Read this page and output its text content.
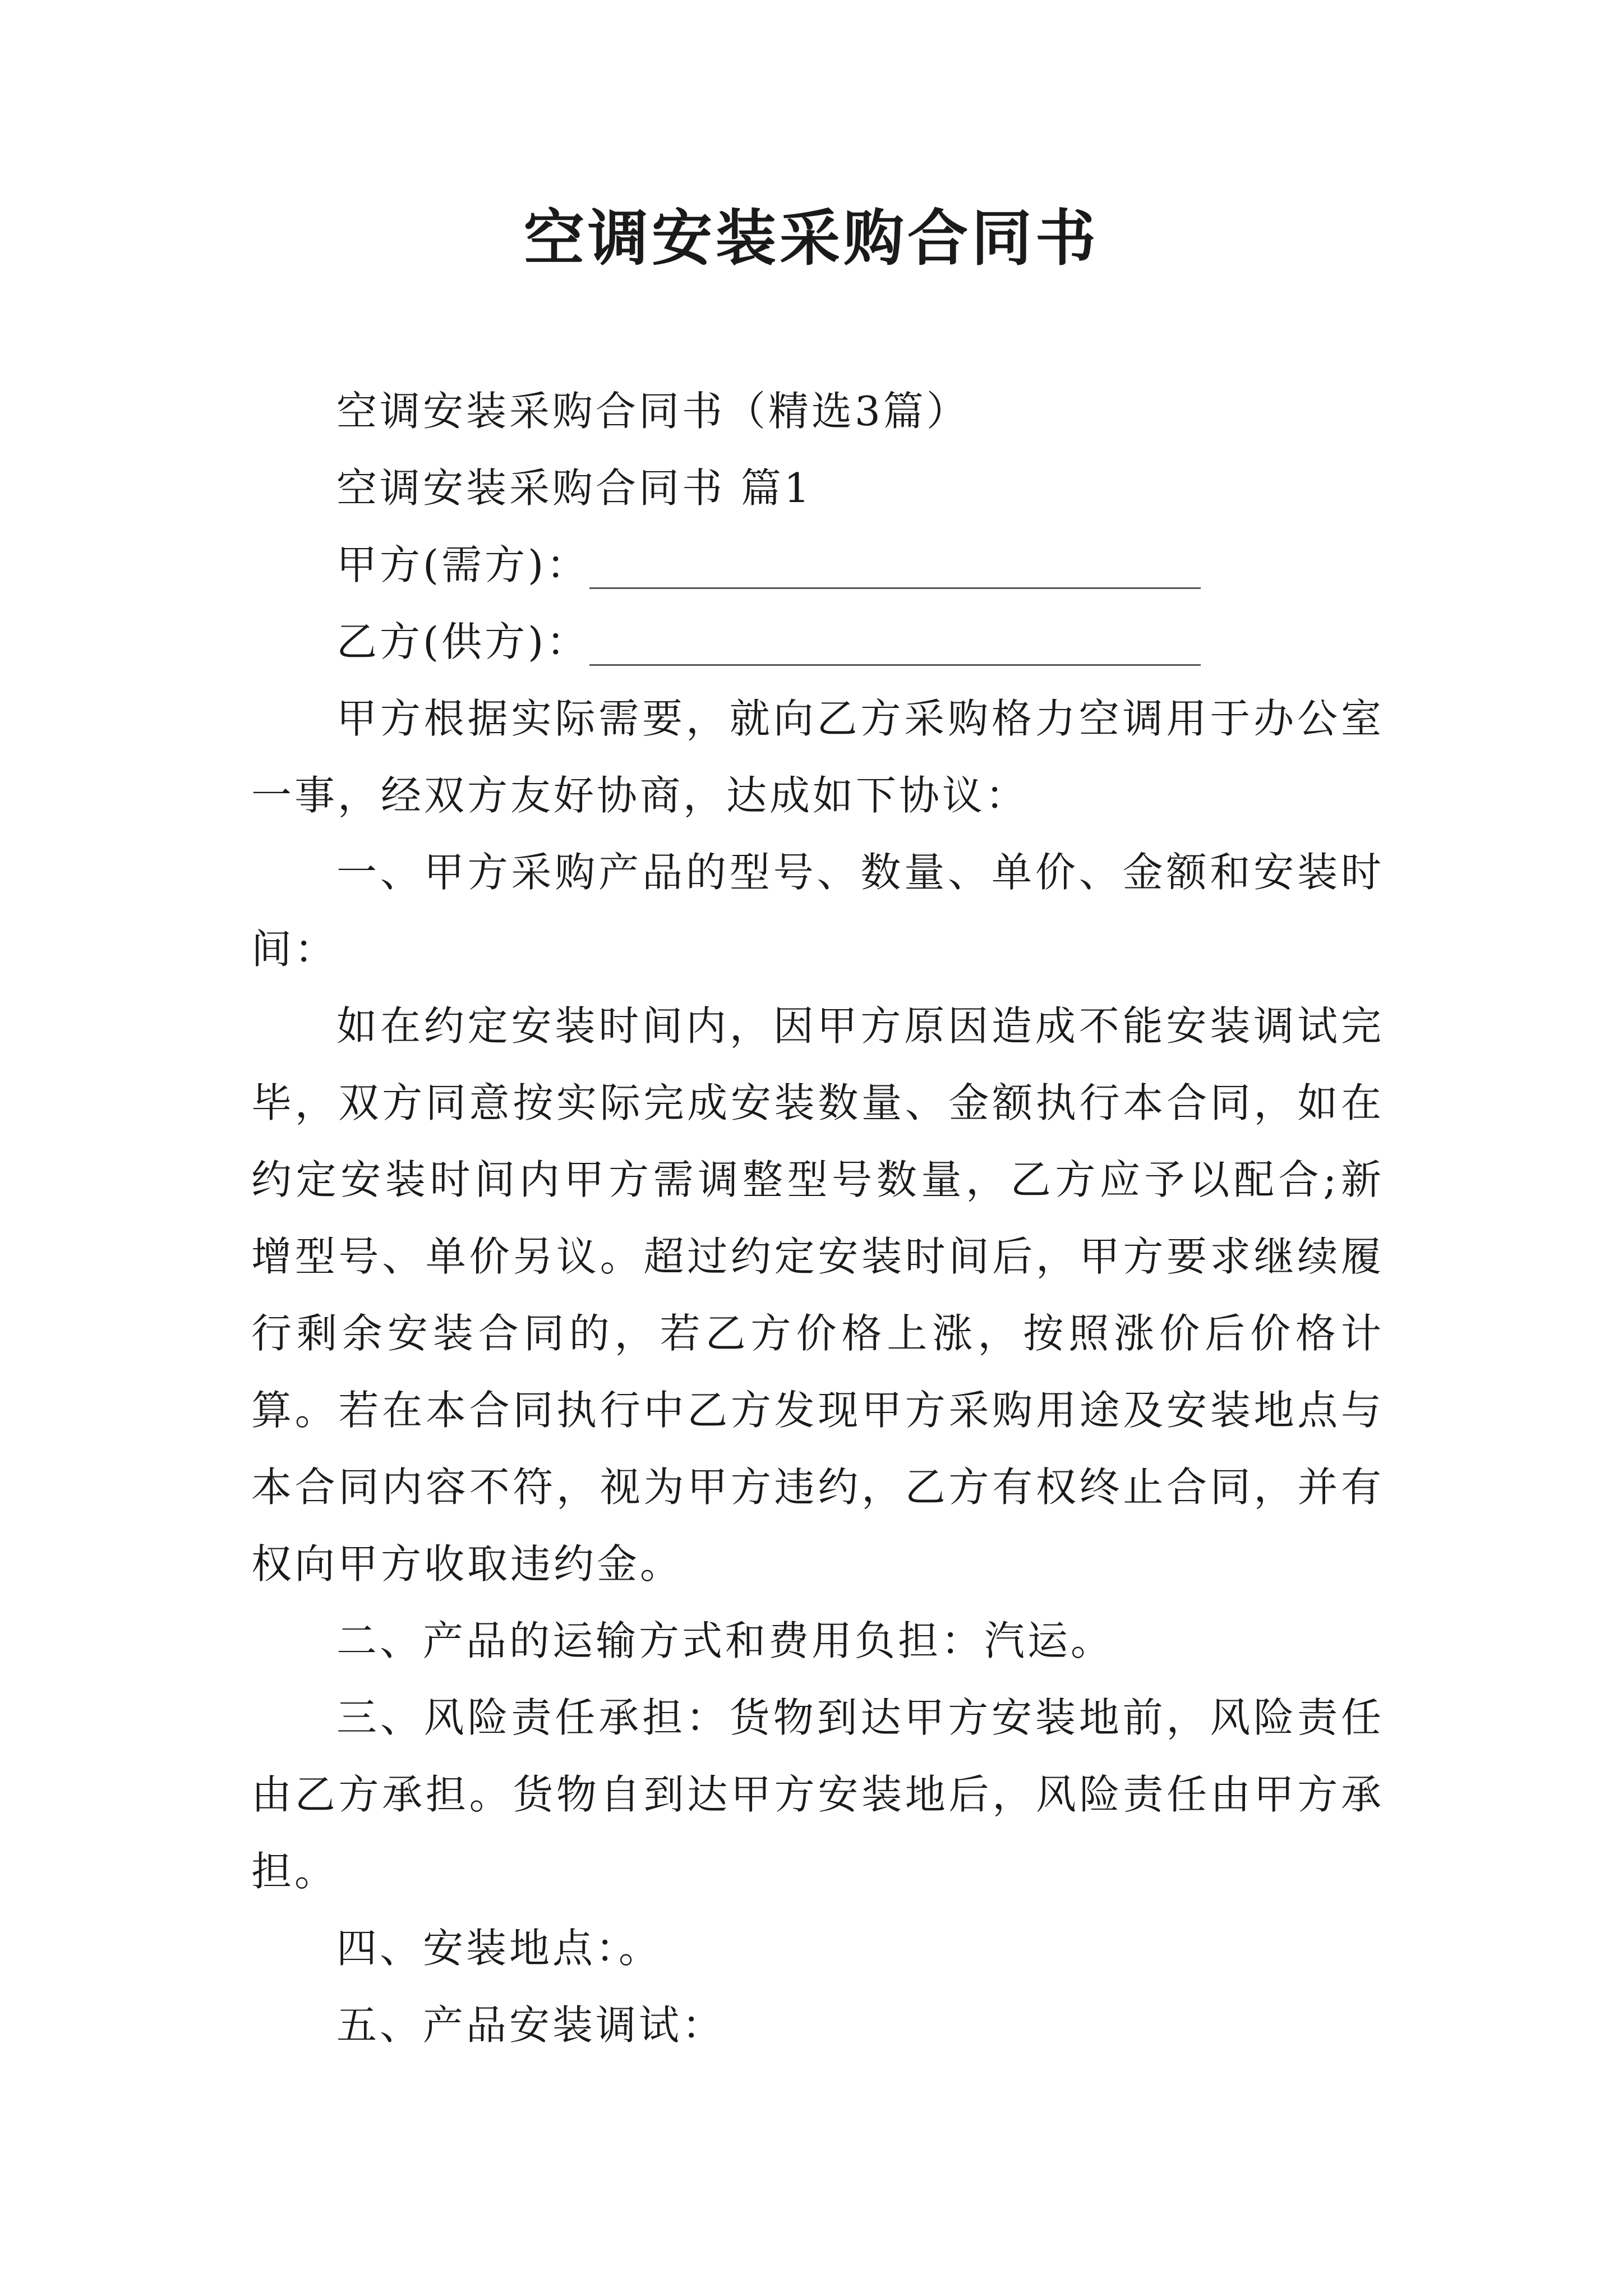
空调安装采购合同书

空调安装采购合同书（精选3篇）

空调安装采购合同书 篇1

甲方(需方)：
乙方(供方)：

甲方根据实际需要，就向乙方采购格力空调用于办公室一事，经双方友好协商，达成如下协议：

一、甲方采购产品的型号、数量、单价、金额和安装时间：

如在约定安装时间内，因甲方原因造成不能安装调试完毕，双方同意按实际完成安装数量、金额执行本合同，如在约定安装时间内甲方需调整型号数量，乙方应予以配合;新增型号、单价另议。超过约定安装时间后，甲方要求继续履行剩余安装合同的，若乙方价格上涨，按照涨价后价格计算。若在本合同执行中乙方发现甲方采购用途及安装地点与本合同内容不符，视为甲方违约，乙方有权终止合同，并有权向甲方收取违约金。

二、产品的运输方式和费用负担：汽运。

三、风险责任承担：货物到达甲方安装地前，风险责任由乙方承担。货物自到达甲方安装地后，风险责任由甲方承担。

四、安装地点：。

五、产品安装调试：
